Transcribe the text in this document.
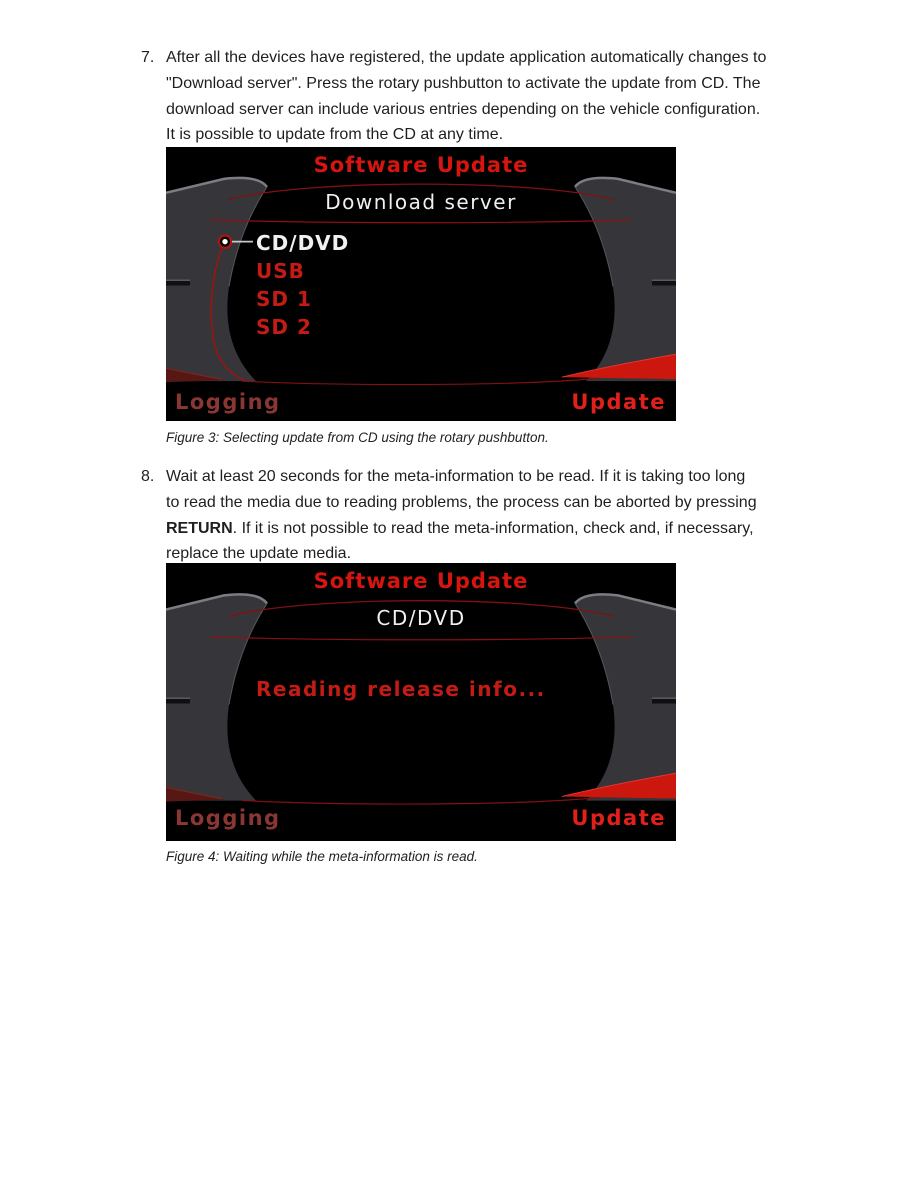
7. After all the devices have registered, the update application automatically changes to
"Download server". Press the rotary pushbutton to activate the update from CD. The
download server can include various entries depending on the vehicle configuration.
It is possible to update from the CD at any time.
Software Update
Download server
CD/DVD
USB
SD 1
SD 2
Logging	Update
Figure 3: Selecting update from CD using the rotary pushbutton.
8. Wait at least 20 seconds for the meta-information to be read. If it is taking too long
to read the media due to reading problems, the process can be aborted by pressing
RETURN. If it is not possible to read the meta-information, check and, if necessary,
replace the update media.
Software Update
CD/DVD
Reading release info...
Logging	Update
Figure 4: Waiting while the meta-information is read.
